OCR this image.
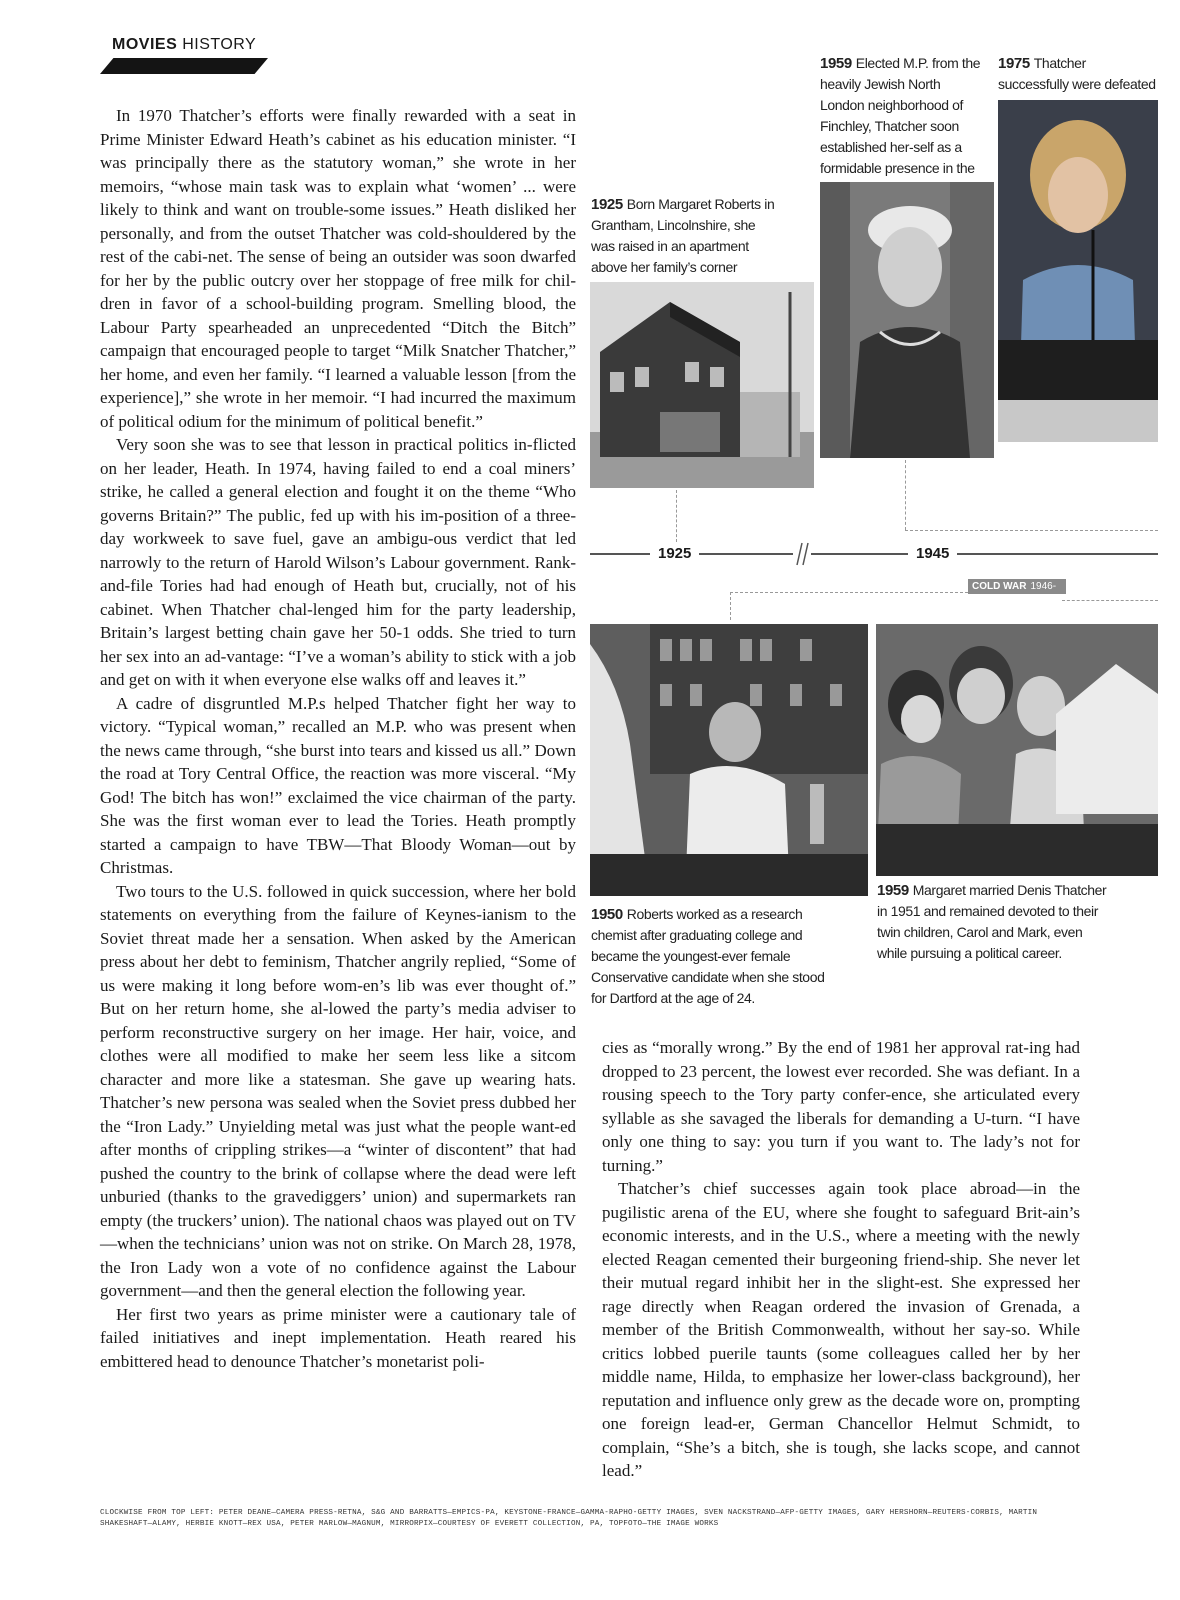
MOVIES HISTORY

In 1970 Thatcher’s efforts were finally rewarded with a seat in Prime Minister Edward Heath’s cabinet as his education minister. “I was principally there as the statutory woman,” she wrote in her memoirs, “whose main task was to explain what ‘women’ ... were likely to think and want on trouble-some issues.” Heath disliked her personally, and from the outset Thatcher was cold-shouldered by the rest of the cabi-net. The sense of being an outsider was soon dwarfed for her by the public outcry over her stoppage of free milk for chil-dren in favor of a school-building program. Smelling blood, the Labour Party spearheaded an unprecedented “Ditch the Bitch” campaign that encouraged people to target “Milk Snatcher Thatcher,” her home, and even her family. “I learned a valuable lesson [from the experience],” she wrote in her memoir. “I had incurred the maximum of political odium for the minimum of political benefit.”

Very soon she was to see that lesson in practical politics in-flicted on her leader, Heath. In 1974, having failed to end a coal miners’ strike, he called a general election and fought it on the theme “Who governs Britain?” The public, fed up with his im-position of a three-day workweek to save fuel, gave an ambigu-ous verdict that led narrowly to the return of Harold Wilson’s Labour government. Rank-and-file Tories had had enough of Heath but, crucially, not of his cabinet. When Thatcher chal-lenged him for the party leadership, Britain’s largest betting chain gave her 50-1 odds. She tried to turn her sex into an ad-vantage: “I’ve a woman’s ability to stick with a job and get on with it when everyone else walks off and leaves it.”

A cadre of disgruntled M.P.s helped Thatcher fight her way to victory. “Typical woman,” recalled an M.P. who was present when the news came through, “she burst into tears and kissed us all.” Down the road at Tory Central Office, the reaction was more visceral. “My God! The bitch has won!” exclaimed the vice chairman of the party. She was the first woman ever to lead the Tories. Heath promptly started a campaign to have TBW—That Bloody Woman—out by Christmas.

Two tours to the U.S. followed in quick succession, where her bold statements on everything from the failure of Keynes-ianism to the Soviet threat made her a sensation. When asked by the American press about her debt to feminism, Thatcher angrily replied, “Some of us were making it long before wom-en’s lib was ever thought of.” But on her return home, she al-lowed the party’s media adviser to perform reconstructive surgery on her image. Her hair, voice, and clothes were all modified to make her seem less like a sitcom character and more like a statesman. She gave up wearing hats. Thatcher’s new persona was sealed when the Soviet press dubbed her the “Iron Lady.” Unyielding metal was just what the people want-ed after months of crippling strikes—a “winter of discontent” that had pushed the country to the brink of collapse where the dead were left unburied (thanks to the gravediggers’ union) and supermarkets ran empty (the truckers’ union). The national chaos was played out on TV—when the technicians’ union was not on strike. On March 28, 1978, the Iron Lady won a vote of no confidence against the Labour government—and then the general election the following year.

Her first two years as prime minister were a cautionary tale of failed initiatives and inept implementation. Heath reared his embittered head to denounce Thatcher’s monetarist poli-

1925 Born Margaret Roberts in Grantham, Lincolnshire, she was raised in an apartment above her family’s corner
1959 Elected M.P. from the heavily Jewish North London neighborhood of Finchley, Thatcher soon established her-self as a formidable presence in the
1975 Thatcher successfully were defeated
1925	1945
COLD WAR 1946-91
1950 Roberts worked as a research chemist after graduating college and became the youngest-ever female Conservative candidate when she stood for Dartford at the age of 24.
1959 Margaret married Denis Thatcher in 1951 and remained devoted to their twin children, Carol and Mark, even while pursuing a political career.

cies as “morally wrong.” By the end of 1981 her approval rat-ing had dropped to 23 percent, the lowest ever recorded. She was defiant. In a rousing speech to the Tory party confer-ence, she articulated every syllable as she savaged the liberals for demanding a U-turn. “I have only one thing to say: you turn if you want to. The lady’s not for turning.”

Thatcher’s chief successes again took place abroad—in the pugilistic arena of the EU, where she fought to safeguard Brit-ain’s economic interests, and in the U.S., where a meeting with the newly elected Reagan cemented their burgeoning friend-ship. She never let their mutual regard inhibit her in the slight-est. She expressed her rage directly when Reagan ordered the invasion of Grenada, a member of the British Commonwealth, without her say-so. While critics lobbed puerile taunts (some colleagues called her by her middle name, Hilda, to emphasize her lower-class background), her reputation and influence only grew as the decade wore on, prompting one foreign lead-er, German Chancellor Helmut Schmidt, to complain, “She’s a bitch, she is tough, she lacks scope, and cannot lead.”

CLOCKWISE FROM TOP LEFT: PETER DEANE—CAMERA PRESS-RETNA, S&G AND BARRATTS—EMPICS-PA, KEYSTONE-FRANCE—GAMMA-RAPHO-GETTY IMAGES, SVEN NACKSTRAND—AFP-GETTY IMAGES, GARY HERSHORN—REUTERS-CORBIS, MARTIN SHAKESHAFT—ALAMY, HERBIE KNOTT—REX USA, PETER MARLOW—MAGNUM, MIRRORPIX—COURTESY OF EVERETT COLLECTION, PA, TOPFOTO—THE IMAGE WORKS
